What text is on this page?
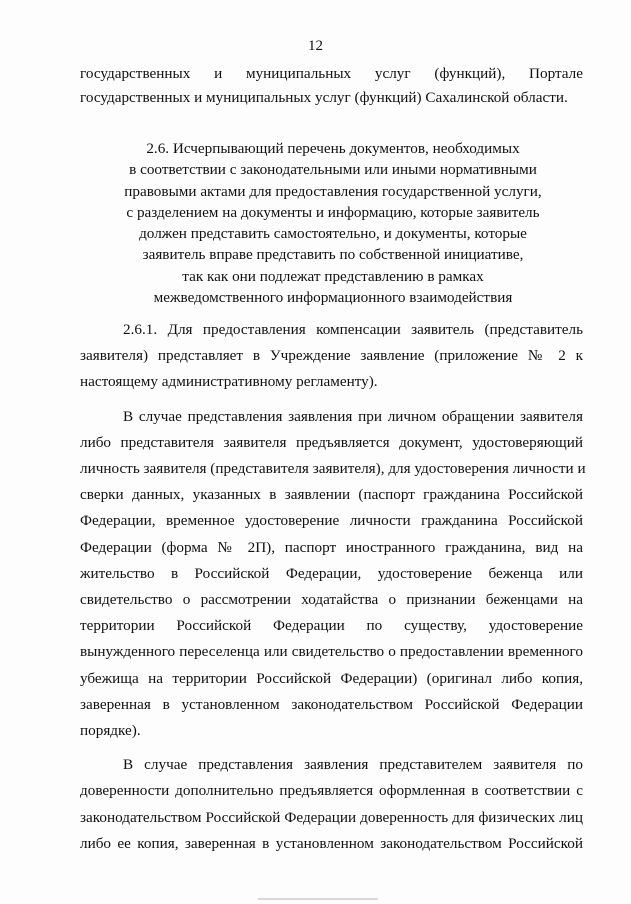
12
государственных и муниципальных услуг (функций), Портале
государственных и муниципальных услуг (функций) Сахалинской области.
2.6. Исчерпывающий перечень документов, необходимых
в соответствии с законодательными или иными нормативными
правовыми актами для предоставления государственной услуги,
с разделением на документы и информацию, которые заявитель
должен представить самостоятельно, и документы, которые
заявитель вправе представить по собственной инициативе,
так как они подлежат представлению в рамках
межведомственного информационного взаимодействия
2.6.1. Для предоставления компенсации заявитель (представитель
заявителя) представляет в Учреждение заявление (приложение № 2 к
настоящему административному регламенту).
В случае представления заявления при личном обращении заявителя
либо представителя заявителя предъявляется документ, удостоверяющий
личность заявителя (представителя заявителя), для удостоверения личности и
сверки данных, указанных в заявлении (паспорт гражданина Российской
Федерации, временное удостоверение личности гражданина Российской
Федерации (форма № 2П), паспорт иностранного гражданина, вид на
жительство в Российской Федерации, удостоверение беженца или
свидетельство о рассмотрении ходатайства о признании беженцами на
территории Российской Федерации по существу, удостоверение
вынужденного переселенца или свидетельство о предоставлении временного
убежища на территории Российской Федерации) (оригинал либо копия,
заверенная в установленном законодательством Российской Федерации
порядке).
В случае представления заявления представителем заявителя по
доверенности дополнительно предъявляется оформленная в соответствии с
законодательством Российской Федерации доверенность для физических лиц
либо ее копия, заверенная в установленном законодательством Российской
